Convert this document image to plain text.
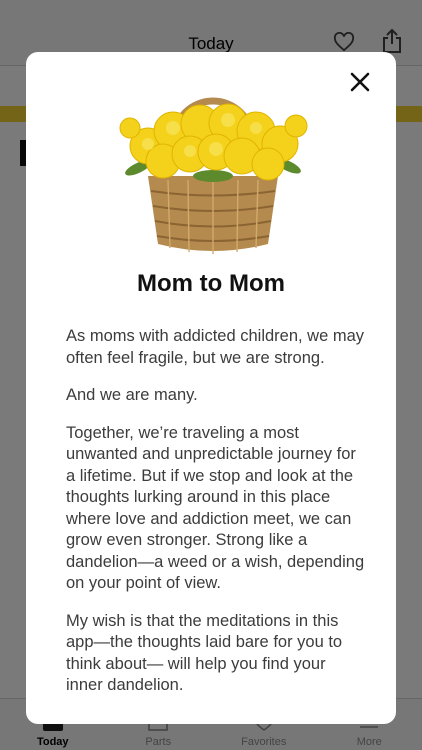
Mom to Mom

As moms with addicted children, we may often feel fragile, but we are strong.

And we are many.

Together, we’re traveling a most unwanted and unpredictable journey for a lifetime. But if we stop and look at the thoughts lurking around in this place where love and addiction meet, we can grow even stronger. Strong like a dandelion—a weed or a wish, depending on your point of view.

My wish is that the meditations in this app—the thoughts laid bare for you to think about— will help you find your inner dandelion.
